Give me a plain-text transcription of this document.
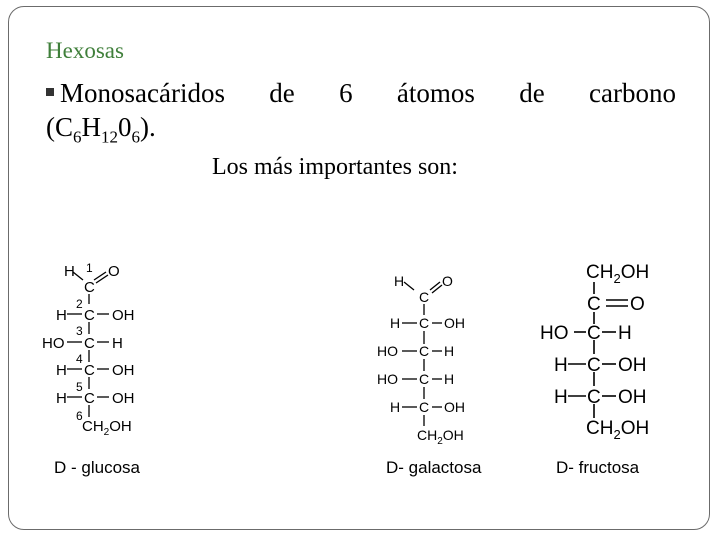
Hexosas
Monosacáridos de 6 átomos de carbono
$(C_6H_{12}0_6)$.
Los más importantes son:
H 1 O
C
2
H C OH
3
HO C H
4
H C OH
5
H C OH
6
$CH_2OH$
H	O
C
H C OH
HO C H
HO C H
H C OH
$CH_2OH$
$CH_2OH$
C O
HO C H
H C OH
H C OH
$CH_2OH$
D - glucosa	D- galactosa	D- fructosa
